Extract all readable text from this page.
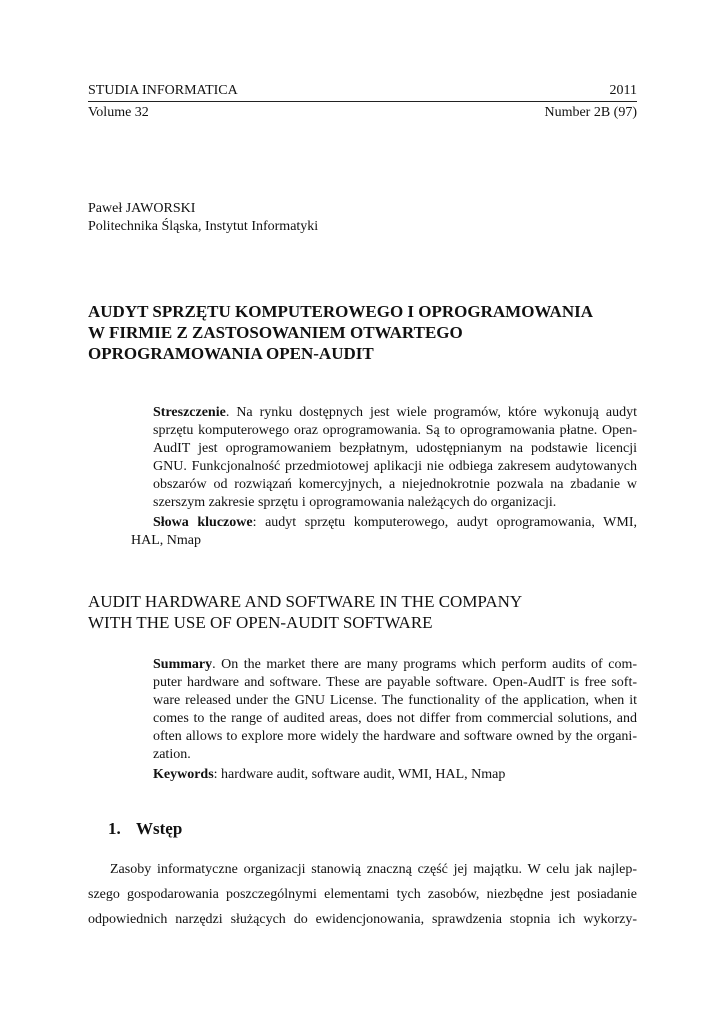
STUDIA INFORMATICA	2011
Volume 32	Number 2B (97)
Paweł JAWORSKI
Politechnika Śląska, Instytut Informatyki
AUDYT SPRZĘTU KOMPUTEROWEGO I OPROGRAMOWANIA
W FIRMIE Z ZASTOSOWANIEM OTWARTEGO
OPROGRAMOWANIA OPEN-AUDIT

Streszczenie. Na rynku dostępnych jest wiele programów, które wykonują audyt
sprzętu komputerowego oraz oprogramowania. Są to oprogramowania płatne. Open-
AudIT jest oprogramowaniem bezpłatnym, udostępnianym na podstawie licencji
GNU. Funkcjonalność przedmiotowej aplikacji nie odbiega zakresem audytowanych
obszarów od rozwiązań komercyjnych, a niejednokrotnie pozwala na zbadanie w
szerszym zakresie sprzętu i oprogramowania należących do organizacji.

Słowa kluczowe: audyt sprzętu komputerowego, audyt oprogramowania, WMI,
HAL, Nmap

AUDIT HARDWARE AND SOFTWARE IN THE COMPANY
WITH THE USE OF OPEN-AUDIT SOFTWARE

Summary. On the market there are many programs which perform audits of com-
puter hardware and software. These are payable software. Open-AudIT is free soft-
ware released under the GNU License. The functionality of the application, when it
comes to the range of audited areas, does not differ from commercial solutions, and
often allows to explore more widely the hardware and software owned by the organi-
zation.

Keywords: hardware audit, software audit, WMI, HAL, Nmap

1. Wstęp

Zasoby informatyczne organizacji stanowią znaczną część jej majątku. W celu jak najlep-
szego gospodarowania poszczególnymi elementami tych zasobów, niezbędne jest posiadanie
odpowiednich narzędzi służących do ewidencjonowania, sprawdzenia stopnia ich wykorzy-
